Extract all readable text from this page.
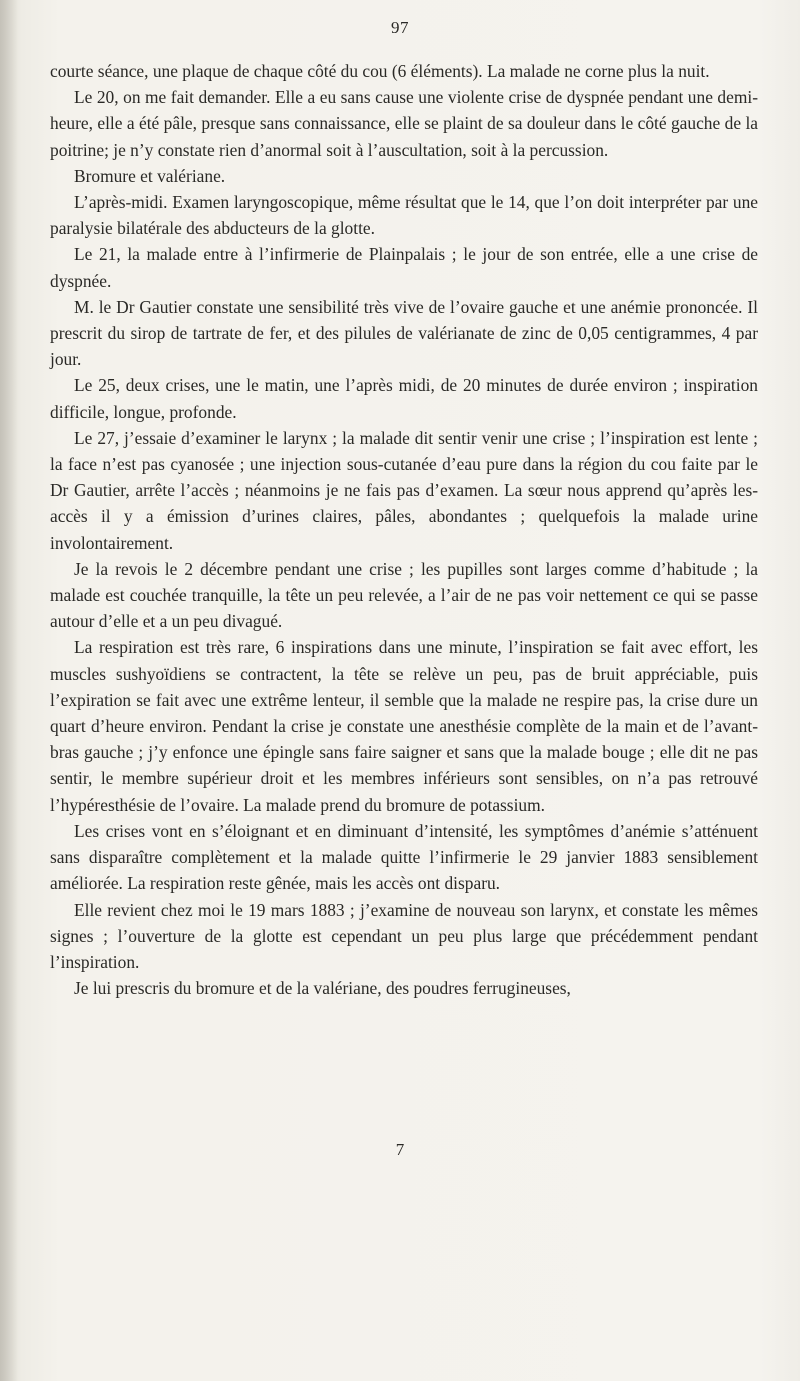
97

courte séance, une plaque de chaque côté du cou (6 éléments). La malade ne corne plus la nuit.

Le 20, on me fait demander. Elle a eu sans cause une violente crise de dyspnée pendant une demi-heure, elle a été pâle, presque sans connaissance, elle se plaint de sa douleur dans le côté gauche de la poitrine; je n’y constate rien d’anormal soit à l’auscultation, soit à la percussion.

Bromure et valériane.

L’après-midi. Examen laryngoscopique, même résultat que le 14, que l’on doit interpréter par une paralysie bilatérale des abducteurs de la glotte.

Le 21, la malade entre à l’infirmerie de Plainpalais ; le jour de son entrée, elle a une crise de dyspnée.

M. le Dr Gautier constate une sensibilité très vive de l’ovaire gauche et une anémie prononcée. Il prescrit du sirop de tartrate de fer, et des pilules de valérianate de zinc de 0,05 centigrammes, 4 par jour.

Le 25, deux crises, une le matin, une l’après midi, de 20 minutes de durée environ ; inspiration difficile, longue, profonde.

Le 27, j’essaie d’examiner le larynx ; la malade dit sentir venir une crise ; l’inspiration est lente ; la face n’est pas cyanosée ; une injection sous-cutanée d’eau pure dans la région du cou faite par le Dr Gautier, arrête l’accès ; néanmoins je ne fais pas d’examen. La sœur nous apprend qu’après les-accès il y a émission d’urines claires, pâles, abondantes ; quelquefois la malade urine involontairement.

Je la revois le 2 décembre pendant une crise ; les pupilles sont larges comme d’habitude ; la malade est couchée tranquille, la tête un peu relevée, a l’air de ne pas voir nettement ce qui se passe autour d’elle et a un peu divagué.

La respiration est très rare, 6 inspirations dans une minute, l’inspiration se fait avec effort, les muscles sushyoïdiens se contractent, la tête se relève un peu, pas de bruit appréciable, puis l’expiration se fait avec une extrême lenteur, il semble que la malade ne respire pas, la crise dure un quart d’heure environ. Pendant la crise je constate une anesthésie complète de la main et de l’avant-bras gauche ; j’y enfonce une épingle sans faire saigner et sans que la malade bouge ; elle dit ne pas sentir, le membre supérieur droit et les membres inférieurs sont sensibles, on n’a pas retrouvé l’hypéresthésie de l’ovaire. La malade prend du bromure de potassium.

Les crises vont en s’éloignant et en diminuant d’intensité, les symptômes d’anémie s’atténuent sans disparaître complètement et la malade quitte l’infirmerie le 29 janvier 1883 sensiblement améliorée. La respiration reste gênée, mais les accès ont disparu.

Elle revient chez moi le 19 mars 1883 ; j’examine de nouveau son larynx, et constate les mêmes signes ; l’ouverture de la glotte est cependant un peu plus large que précédemment pendant l’inspiration.

Je lui prescris du bromure et de la valériane, des poudres ferrugineuses,

7
